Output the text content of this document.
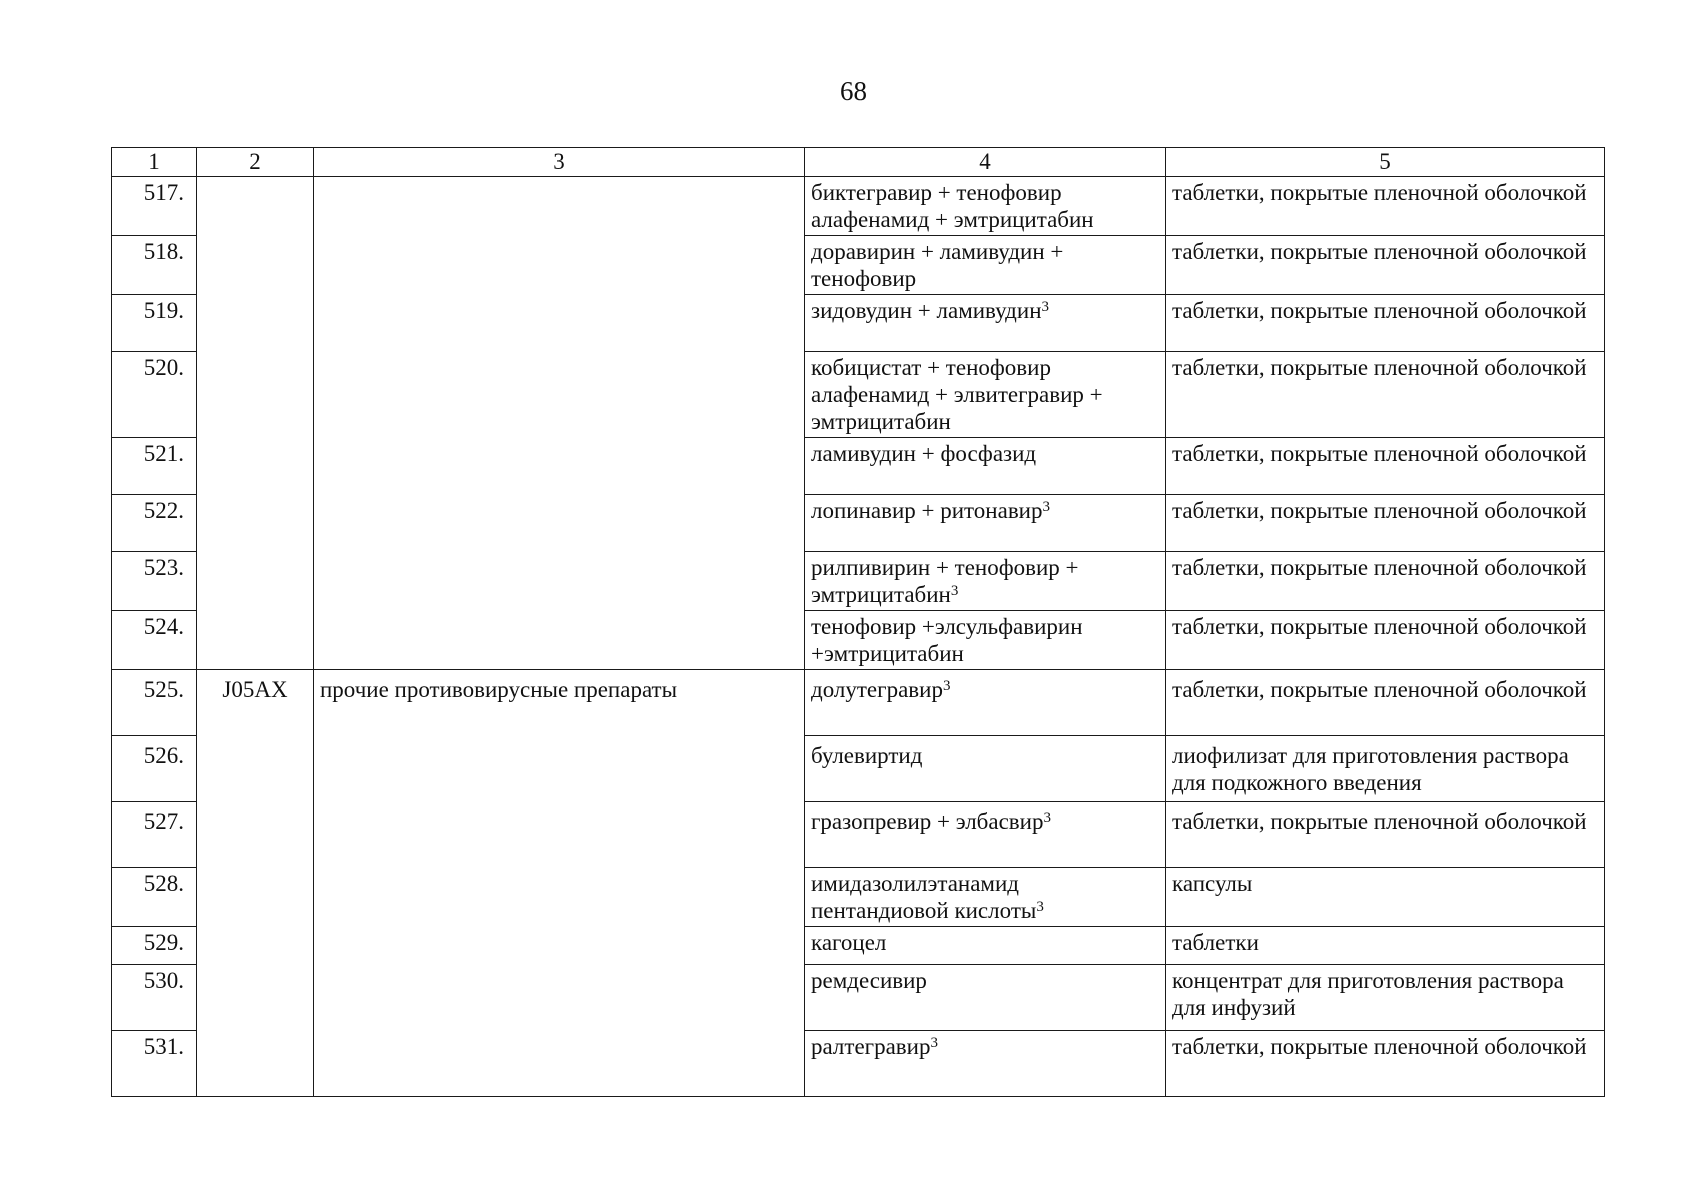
68
1	2	3	4	5
517.			биктегравир + тенофовир алафенамид + эмтрицитабин	таблетки, покрытые пленочной оболочкой
518.			доравирин + ламивудин + тенофовир	таблетки, покрытые пленочной оболочкой
519.			зидовудин + ламивудин$^3$	таблетки, покрытые пленочной оболочкой
520.			кобицистат + тенофовир алафенамид + элвитегравир + эмтрицитабин	таблетки, покрытые пленочной оболочкой
521.			ламивудин + фосфазид	таблетки, покрытые пленочной оболочкой
522.			лопинавир + ритонавир$^3$	таблетки, покрытые пленочной оболочкой
523.			рилпивирин + тенофовир + эмтрицитабин$^3$	таблетки, покрытые пленочной оболочкой
524.			тенофовир +элсульфавирин +эмтрицитабин	таблетки, покрытые пленочной оболочкой
525.	J05AX	прочие противовирусные препараты	долутегравир$^3$	таблетки, покрытые пленочной оболочкой
526.			булевиртид	лиофилизат для приготовления раствора для подкожного введения
527.			гразопревир + элбасвир$^3$	таблетки, покрытые пленочной оболочкой
528.			имидазолилэтанамид пентандиовой кислоты$^3$	капсулы
529.			кагоцел	таблетки
530.			ремдесивир	концентрат для приготовления раствора для инфузий
531.			ралтегравир$^3$	таблетки, покрытые пленочной оболочкой
